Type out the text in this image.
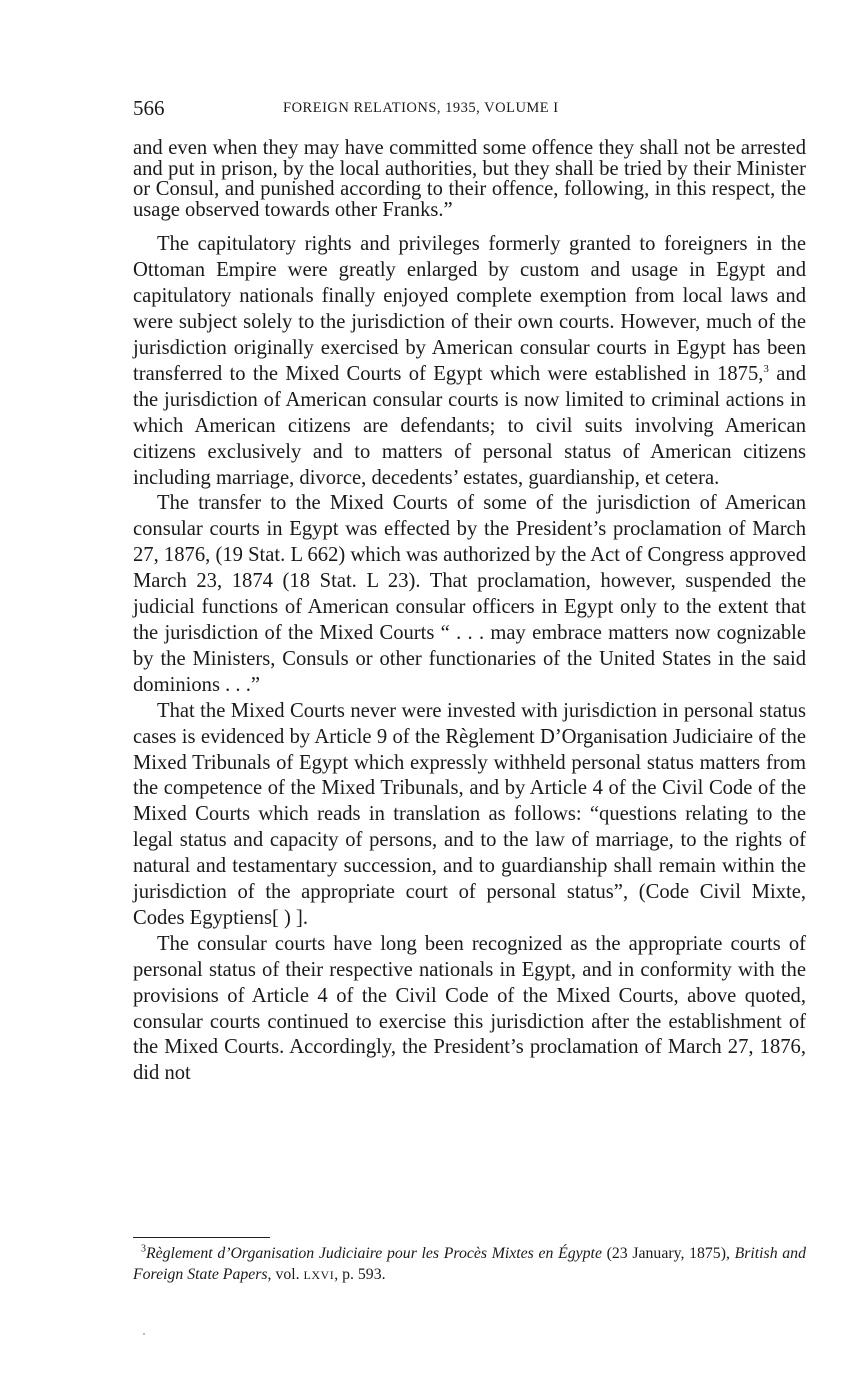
566	FOREIGN RELATIONS, 1935, VOLUME I

and even when they may have committed some offence they shall not be arrested and put in prison, by the local authorities, but they shall be tried by their Minister or Consul, and punished according to their offence, following, in this respect, the usage observed towards other Franks.”

The capitulatory rights and privileges formerly granted to foreigners in the Ottoman Empire were greatly enlarged by custom and usage in Egypt and capitulatory nationals finally enjoyed complete exemption from local laws and were subject solely to the jurisdiction of their own courts. However, much of the jurisdiction originally exercised by American consular courts in Egypt has been transferred to the Mixed Courts of Egypt which were established in 1875,$^3$ and the jurisdiction of American consular courts is now limited to criminal actions in which American citizens are defendants; to civil suits involving American citizens exclusively and to matters of personal status of American citizens including marriage, divorce, decedents’ estates, guardianship, et cetera.

The transfer to the Mixed Courts of some of the jurisdiction of American consular courts in Egypt was effected by the President’s proclamation of March 27, 1876, (19 Stat. L 662) which was authorized by the Act of Congress approved March 23, 1874 (18 Stat. L 23). That proclamation, however, suspended the judicial functions of American consular officers in Egypt only to the extent that the jurisdiction of the Mixed Courts “ . . . may embrace matters now cognizable by the Ministers, Consuls or other functionaries of the United States in the said dominions . . .”

That the Mixed Courts never were invested with jurisdiction in personal status cases is evidenced by Article 9 of the Règlement D’Organisation Judiciaire of the Mixed Tribunals of Egypt which expressly withheld personal status matters from the competence of the Mixed Tribunals, and by Article 4 of the Civil Code of the Mixed Courts which reads in translation as follows: “questions relating to the legal status and capacity of persons, and to the law of marriage, to the rights of natural and testamentary succession, and to guardianship shall remain within the jurisdiction of the appropriate court of personal status”, (Code Civil Mixte, Codes Egyptiens[ ) ].

The consular courts have long been recognized as the appropriate courts of personal status of their respective nationals in Egypt, and in conformity with the provisions of Article 4 of the Civil Code of the Mixed Courts, above quoted, consular courts continued to exercise this jurisdiction after the establishment of the Mixed Courts. Accordingly, the President’s proclamation of March 27, 1876, did not

$^3$Règlement d’Organisation Judiciaire pour les Procès Mixtes en Égypte (23 January, 1875), British and Foreign State Papers, vol. LXVI, p. 593.
